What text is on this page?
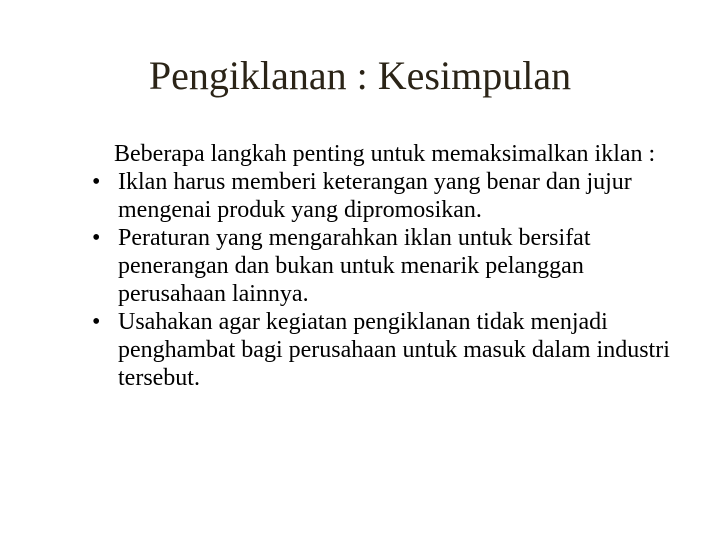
Pengiklanan : Kesimpulan
Beberapa langkah penting untuk memaksimalkan iklan :
• Iklan harus memberi keterangan yang benar dan jujur mengenai produk yang dipromosikan.
• Peraturan yang mengarahkan iklan untuk bersifat penerangan dan bukan untuk menarik pelanggan perusahaan lainnya.
• Usahakan agar kegiatan pengiklanan tidak menjadi penghambat bagi perusahaan untuk masuk dalam industri tersebut.
